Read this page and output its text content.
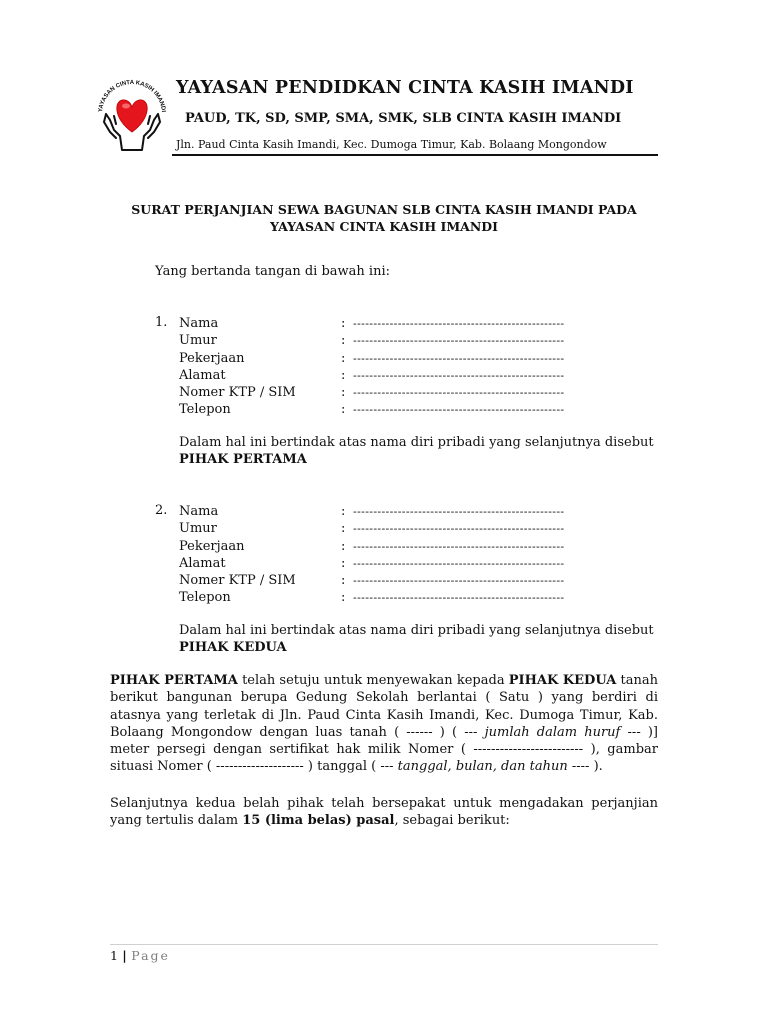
YAYASAN CINTA KASIH IMANDI
YAYASAN PENDIDKAN CINTA KASIH IMANDI
PAUD, TK, SD, SMP, SMA, SMK, SLB CINTA KASIH IMANDI
Jln. Paud Cinta Kasih Imandi, Kec. Dumoga Timur, Kab. Bolaang Mongondow
SURAT PERJANJIAN SEWA BAGUNAN SLB CINTA KASIH IMANDI PADA
YAYASAN CINTA KASIH IMANDI
Yang bertanda tangan di bawah ini:
1. Nama	: ----------------------------------------------------
Umur	: ----------------------------------------------------
Pekerjaan	: ----------------------------------------------------
Alamat	: ----------------------------------------------------
Nomer KTP / SIM	: ----------------------------------------------------
Telepon	: ----------------------------------------------------
Dalam hal ini bertindak atas nama diri pribadi yang selanjutnya disebut
PIHAK PERTAMA
2. Nama	: ----------------------------------------------------
Umur	: ----------------------------------------------------
Pekerjaan	: ----------------------------------------------------
Alamat	: ----------------------------------------------------
Nomer KTP / SIM	: ----------------------------------------------------
Telepon	: ----------------------------------------------------
Dalam hal ini bertindak atas nama diri pribadi yang selanjutnya disebut
PIHAK KEDUA
PIHAK PERTAMA telah setuju untuk menyewakan kepada PIHAK KEDUA tanah berikut bangunan berupa Gedung Sekolah berlantai ( Satu ) yang berdiri di atasnya yang terletak di Jln. Paud Cinta Kasih Imandi, Kec. Dumoga Timur, Kab. Bolaang Mongondow dengan luas tanah ( ------ ) ( --- jumlah dalam huruf --- )] meter persegi dengan sertifikat hak milik Nomer ( ------------------------- ), gambar situasi Nomer ( -------------------- ) tanggal ( --- tanggal, bulan, dan tahun ---- ).
Selanjutnya kedua belah pihak telah bersepakat untuk mengadakan perjanjian yang tertulis dalam 15 (lima belas) pasal, sebagai berikut:
1 | Page
